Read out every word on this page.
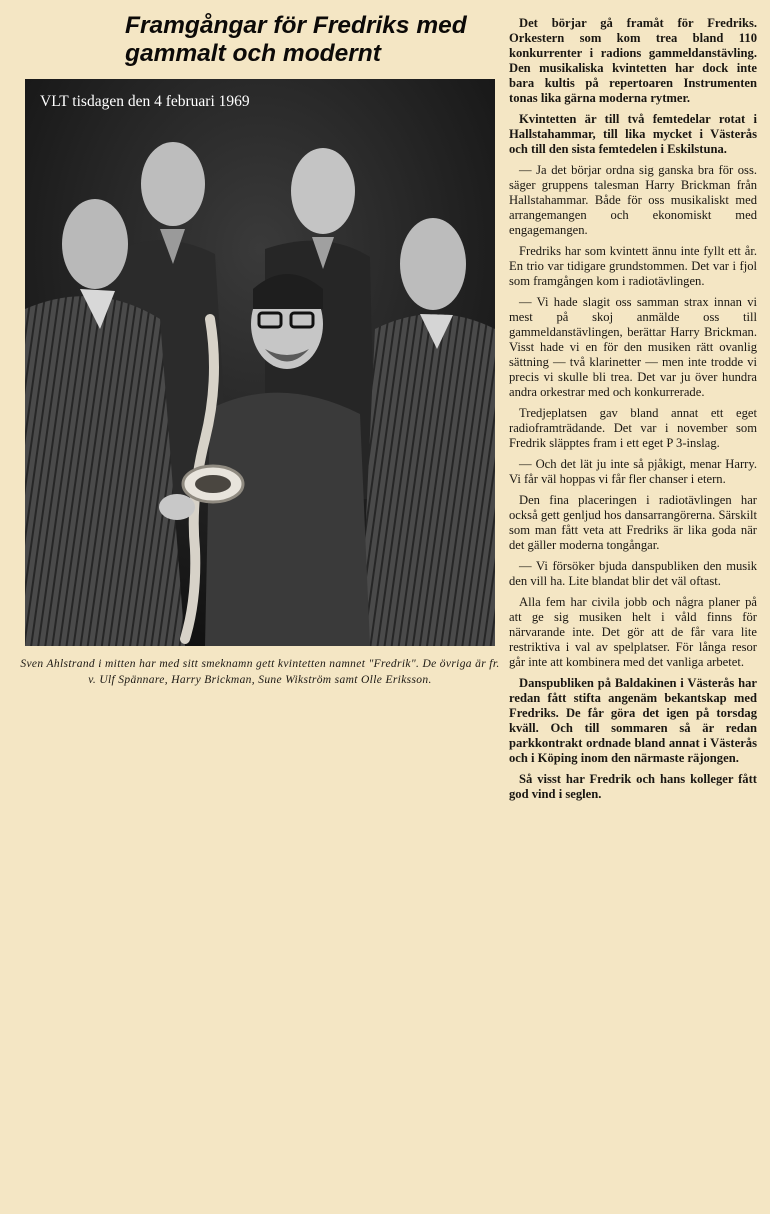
Framgångar för Fredriks med gammalt och modernt
VLT tisdagen den 4 februari 1969

Sven Ahlstrand i mitten har med sitt smeknamn gett kvintetten namnet "Fredrik". De övriga är fr. v. Ulf Spännare, Harry Brickman, Sune Wikström samt Olle Eriksson.

Det börjar gå framåt för Fredriks. Orkestern som kom trea bland 110 konkurrenter i radions gammeldanstävling. Den musikaliska kvintetten har dock inte bara kultis på repertoaren Instrumenten tonas lika gärna moderna rytmer.

Kvintetten är till två femtedelar rotat i Hallstahammar, till lika mycket i Västerås och till den sista femtedelen i Eskilstuna.

— Ja det börjar ordna sig ganska bra för oss. säger gruppens talesman Harry Brickman från Hallstahammar. Både för oss musikaliskt med arrangemangen och ekonomiskt med engagemangen.

Fredriks har som kvintett ännu inte fyllt ett år. En trio var tidigare grundstommen. Det var i fjol som framgången kom i radiotävlingen.

— Vi hade slagit oss samman strax innan vi mest på skoj anmälde oss till gammeldanstävlingen, berättar Harry Brickman. Visst hade vi en för den musiken rätt ovanlig sättning — två klarinetter — men inte trodde vi precis vi skulle bli trea. Det var ju över hundra andra orkestrar med och konkurrerade.

Tredjeplatsen gav bland annat ett eget radioframträdande. Det var i november som Fredrik släpptes fram i ett eget P 3-inslag.

— Och det lät ju inte så pjåkigt, menar Harry. Vi får väl hoppas vi får fler chanser i etern.

Den fina placeringen i radiotävlingen har också gett genljud hos dansarrangörerna. Särskilt som man fått veta att Fredriks är lika goda när det gäller moderna tongångar.

— Vi försöker bjuda danspubliken den musik den vill ha. Lite blandat blir det väl oftast.

Alla fem har civila jobb och några planer på att ge sig musiken helt i våld finns för närvarande inte. Det gör att de får vara lite restriktiva i val av spelplatser. För långa resor går inte att kombinera med det vanliga arbetet.

Danspubliken på Baldakinen i Västerås har redan fått stifta angenäm bekantskap med Fredriks. De får göra det igen på torsdag kväll. Och till sommaren så är redan parkkontrakt ordnade bland annat i Västerås och i Köping inom den närmaste räjongen.

Så visst har Fredrik och hans kolleger fått god vind i seglen.
